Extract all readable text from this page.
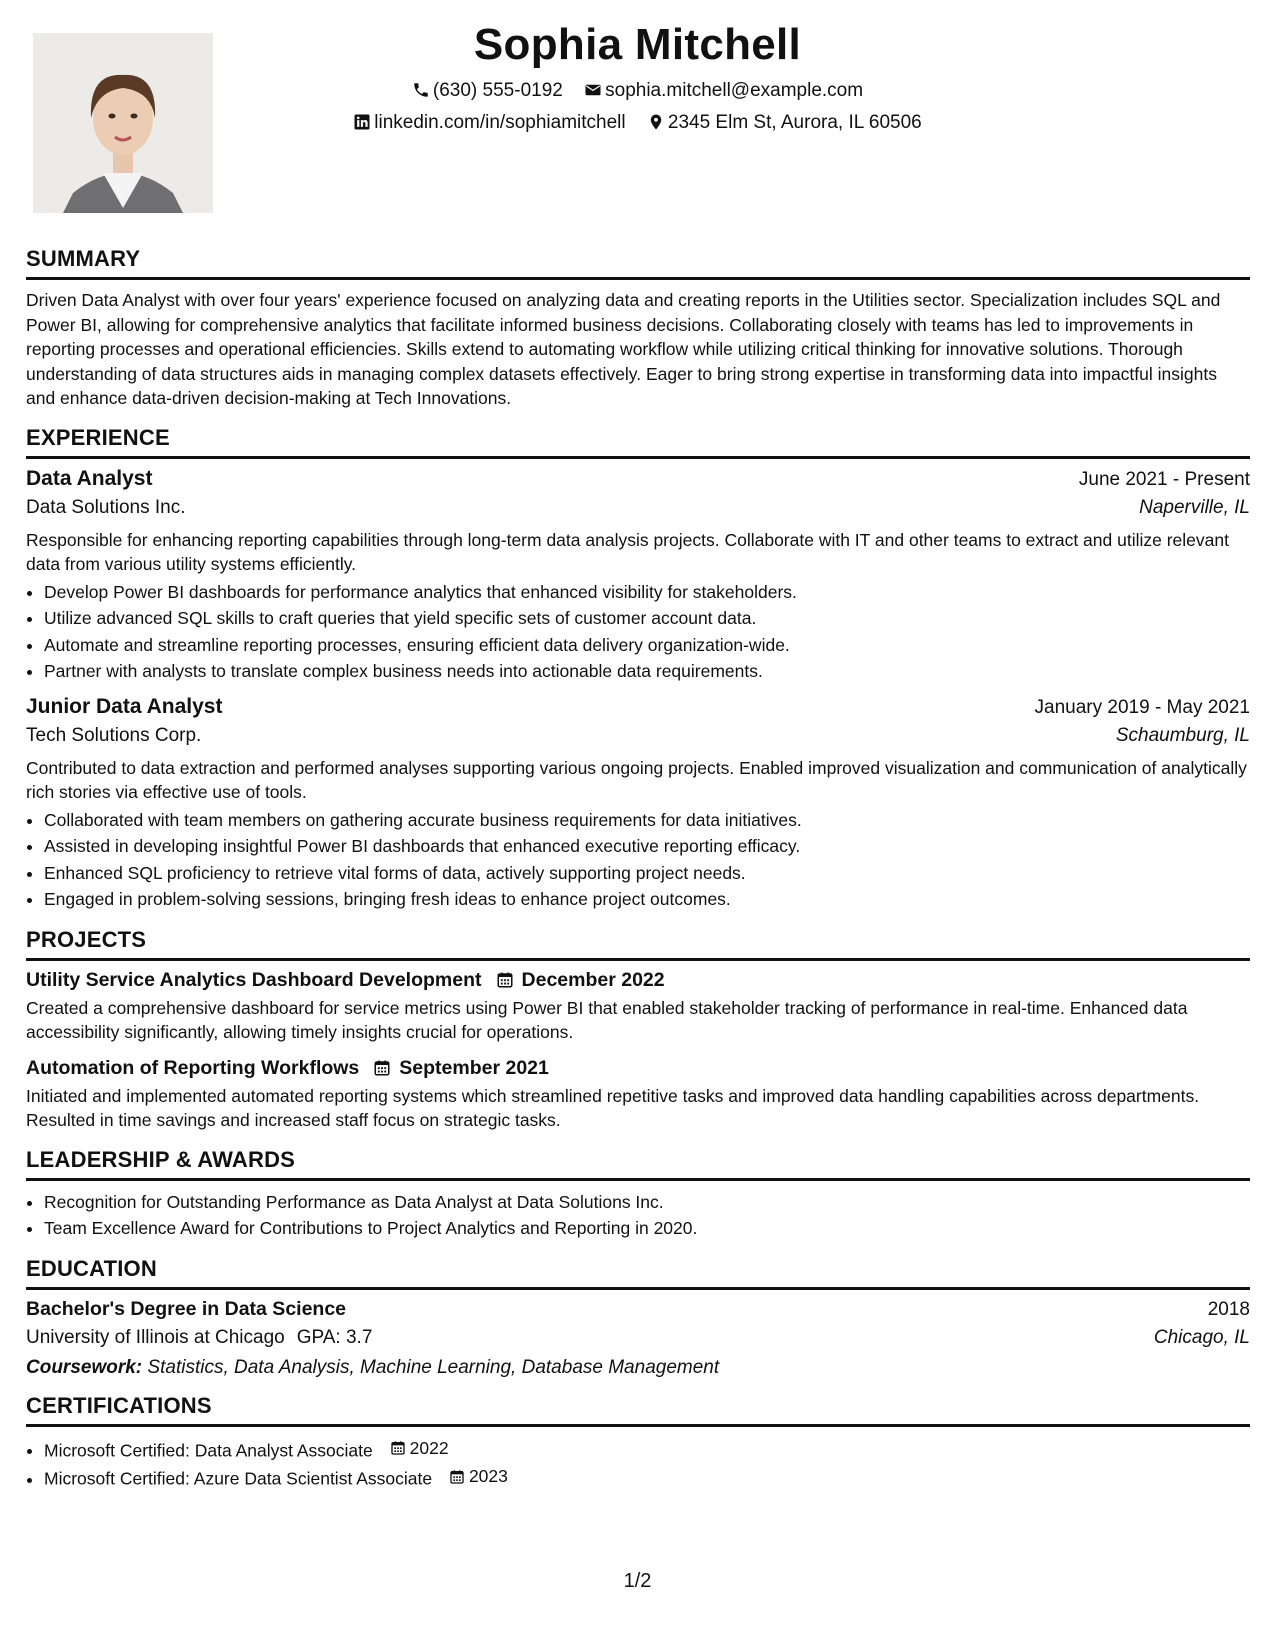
Sophia Mitchell
(630) 555-0192 sophia.mitchell@example.com
linkedin.com/in/sophiamitchell 2345 Elm St, Aurora, IL 60506
SUMMARY
Driven Data Analyst with over four years' experience focused on analyzing data and creating reports in the Utilities sector. Specialization includes SQL and Power BI, allowing for comprehensive analytics that facilitate informed business decisions. Collaborating closely with teams has led to improvements in reporting processes and operational efficiencies. Skills extend to automating workflow while utilizing critical thinking for innovative solutions. Thorough understanding of data structures aids in managing complex datasets effectively. Eager to bring strong expertise in transforming data into impactful insights and enhance data-driven decision-making at Tech Innovations.
EXPERIENCE
Data Analyst	June 2021 - Present
Data Solutions Inc.	Naperville, IL
Responsible for enhancing reporting capabilities through long-term data analysis projects. Collaborate with IT and other teams to extract and utilize relevant data from various utility systems efficiently.
• Develop Power BI dashboards for performance analytics that enhanced visibility for stakeholders.
• Utilize advanced SQL skills to craft queries that yield specific sets of customer account data.
• Automate and streamline reporting processes, ensuring efficient data delivery organization-wide.
• Partner with analysts to translate complex business needs into actionable data requirements.
Junior Data Analyst	January 2019 - May 2021
Tech Solutions Corp.	Schaumburg, IL
Contributed to data extraction and performed analyses supporting various ongoing projects. Enabled improved visualization and communication of analytically rich stories via effective use of tools.
• Collaborated with team members on gathering accurate business requirements for data initiatives.
• Assisted in developing insightful Power BI dashboards that enhanced executive reporting efficacy.
• Enhanced SQL proficiency to retrieve vital forms of data, actively supporting project needs.
• Engaged in problem-solving sessions, bringing fresh ideas to enhance project outcomes.
PROJECTS
Utility Service Analytics Dashboard Development December 2022
Created a comprehensive dashboard for service metrics using Power BI that enabled stakeholder tracking of performance in real-time. Enhanced data accessibility significantly, allowing timely insights crucial for operations.
Automation of Reporting Workflows September 2021
Initiated and implemented automated reporting systems which streamlined repetitive tasks and improved data handling capabilities across departments. Resulted in time savings and increased staff focus on strategic tasks.
LEADERSHIP & AWARDS
• Recognition for Outstanding Performance as Data Analyst at Data Solutions Inc.
• Team Excellence Award for Contributions to Project Analytics and Reporting in 2020.
EDUCATION
Bachelor's Degree in Data Science	2018
University of Illinois at Chicago GPA: 3.7	Chicago, IL
Coursework: Statistics, Data Analysis, Machine Learning, Database Management
CERTIFICATIONS
• Microsoft Certified: Data Analyst Associate 2022
• Microsoft Certified: Azure Data Scientist Associate 2023
1/2
